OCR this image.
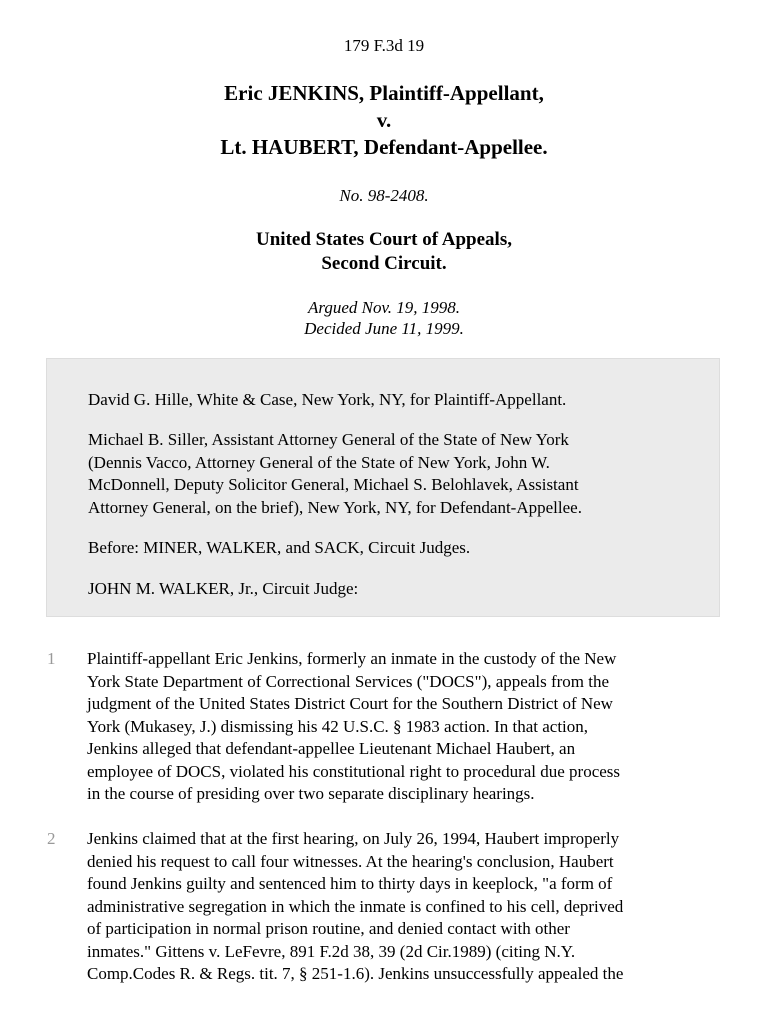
179 F.3d 19
Eric JENKINS, Plaintiff-Appellant,
v.
Lt. HAUBERT, Defendant-Appellee.
No. 98-2408.
United States Court of Appeals,
Second Circuit.
Argued Nov. 19, 1998.
Decided June 11, 1999.

David G. Hille, White & Case, New York, NY, for Plaintiff-Appellant.

Michael B. Siller, Assistant Attorney General of the State of New York
(Dennis Vacco, Attorney General of the State of New York, John W.
McDonnell, Deputy Solicitor General, Michael S. Belohlavek, Assistant
Attorney General, on the brief), New York, NY, for Defendant-Appellee.

Before: MINER, WALKER, and SACK, Circuit Judges.

JOHN M. WALKER, Jr., Circuit Judge:

1 Plaintiff-appellant Eric Jenkins, formerly an inmate in the custody of the New
York State Department of Correctional Services ("DOCS"), appeals from the
judgment of the United States District Court for the Southern District of New
York (Mukasey, J.) dismissing his 42 U.S.C. § 1983 action. In that action,
Jenkins alleged that defendant-appellee Lieutenant Michael Haubert, an
employee of DOCS, violated his constitutional right to procedural due process
in the course of presiding over two separate disciplinary hearings.

2 Jenkins claimed that at the first hearing, on July 26, 1994, Haubert improperly
denied his request to call four witnesses. At the hearing's conclusion, Haubert
found Jenkins guilty and sentenced him to thirty days in keeplock, "a form of
administrative segregation in which the inmate is confined to his cell, deprived
of participation in normal prison routine, and denied contact with other
inmates." Gittens v. LeFevre, 891 F.2d 38, 39 (2d Cir.1989) (citing N.Y.
Comp.Codes R. & Regs. tit. 7, § 251-1.6). Jenkins unsuccessfully appealed the
